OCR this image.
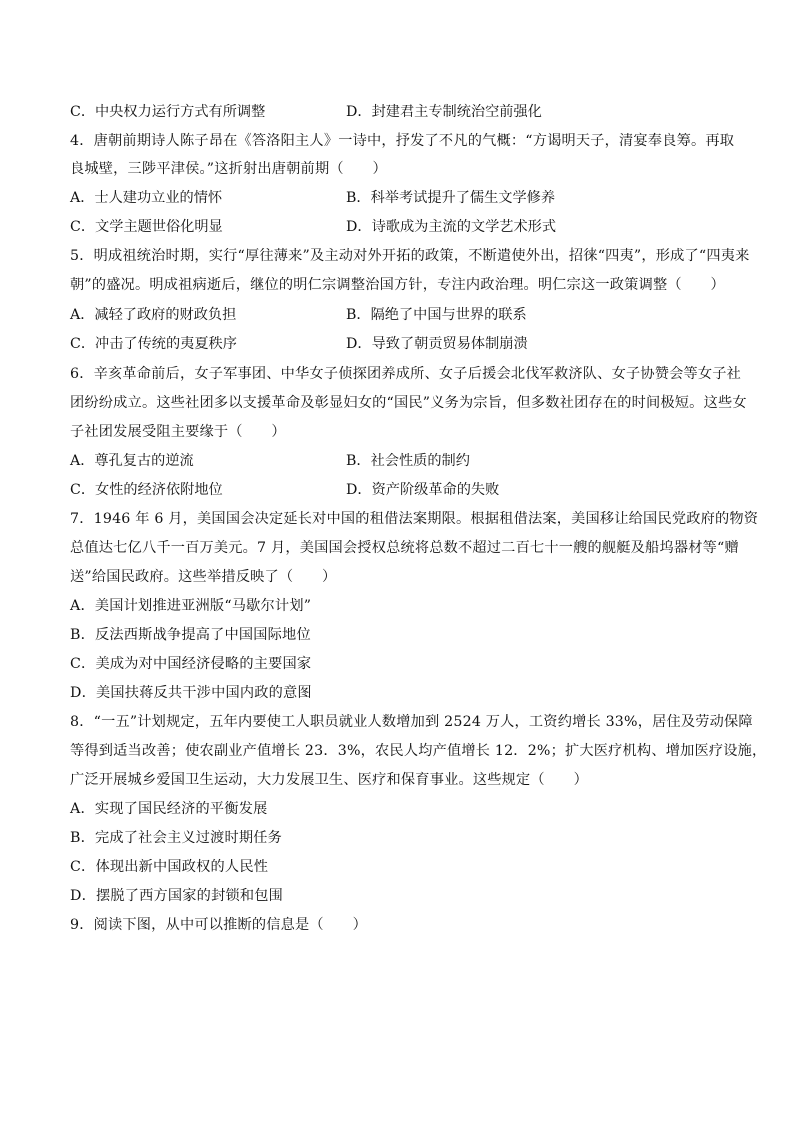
C．中央权力运行方式有所调整	D．封建君主专制统治空前强化
4．唐朝前期诗人陈子昂在《答洛阳主人》一诗中，抒发了不凡的气概：“方谒明天子，清宴奉良筹。再取
良城壁，三陟平津侯。”这折射出唐朝前期（　　）
A．士人建功立业的情怀	B．科举考试提升了儒生文学修养
C．文学主题世俗化明显	D．诗歌成为主流的文学艺术形式
5．明成祖统治时期，实行“厚往薄来”及主动对外开拓的政策，不断遣使外出，招徕“四夷”，形成了“四夷来
朝”的盛况。明成祖病逝后，继位的明仁宗调整治国方针，专注内政治理。明仁宗这一政策调整（　　）
A．减轻了政府的财政负担	B．隔绝了中国与世界的联系
C．冲击了传统的夷夏秩序	D．导致了朝贡贸易体制崩溃
6．辛亥革命前后，女子军事团、中华女子侦探团养成所、女子后援会北伐军救济队、女子协赞会等女子社
团纷纷成立。这些社团多以支援革命及彰显妇女的“国民”义务为宗旨，但多数社团存在的时间极短。这些女
子社团发展受阻主要缘于（　　）
A．尊孔复古的逆流	B．社会性质的制约
C．女性的经济依附地位	D．资产阶级革命的失败
7．1946 年 6 月，美国国会决定延长对中国的租借法案期限。根据租借法案，美国移让给国民党政府的物资
总值达七亿八千一百万美元。7 月，美国国会授权总统将总数不超过二百七十一艘的舰艇及船坞器材等“赠
送”给国民政府。这些举措反映了（　　）
A．美国计划推进亚洲版“马歇尔计划”
B．反法西斯战争提高了中国国际地位
C．美成为对中国经济侵略的主要国家
D．美国扶蒋反共干涉中国内政的意图
8．“一五”计划规定，五年内要使工人职员就业人数增加到 2524 万人，工资约增长 33%，居住及劳动保障
等得到适当改善；使农副业产值增长 23．3%，农民人均产值增长 12．2%；扩大医疗机构、增加医疗设施，
广泛开展城乡爱国卫生运动，大力发展卫生、医疗和保育事业。这些规定（　　）
A．实现了国民经济的平衡发展
B．完成了社会主义过渡时期任务
C．体现出新中国政权的人民性
D．摆脱了西方国家的封锁和包围
9．阅读下图，从中可以推断的信息是（　　）
